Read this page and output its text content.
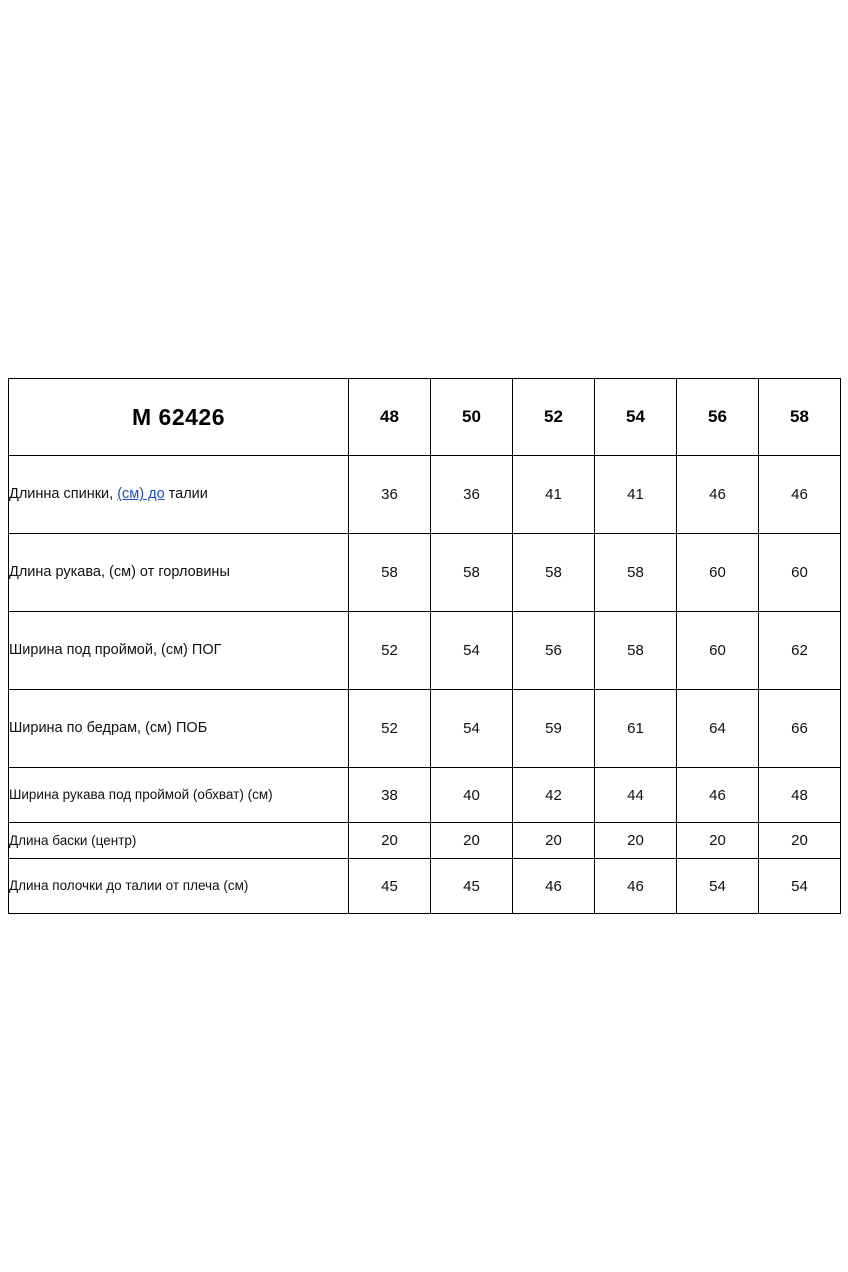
M 62426	48	50	52	54	56	58
Длинна спинки, (см) до талии	36	36	41	41	46	46
Длина рукава, (см) от горловины	58	58	58	58	60	60
Ширина под проймой, (см) ПОГ	52	54	56	58	60	62
Ширина по бедрам, (см) ПОБ	52	54	59	61	64	66
Ширина рукава под проймой (обхват) (см)	38	40	42	44	46	48
Длина баски (центр)	20	20	20	20	20	20
Длина полочки до талии от плеча (см)	45	45	46	46	54	54
